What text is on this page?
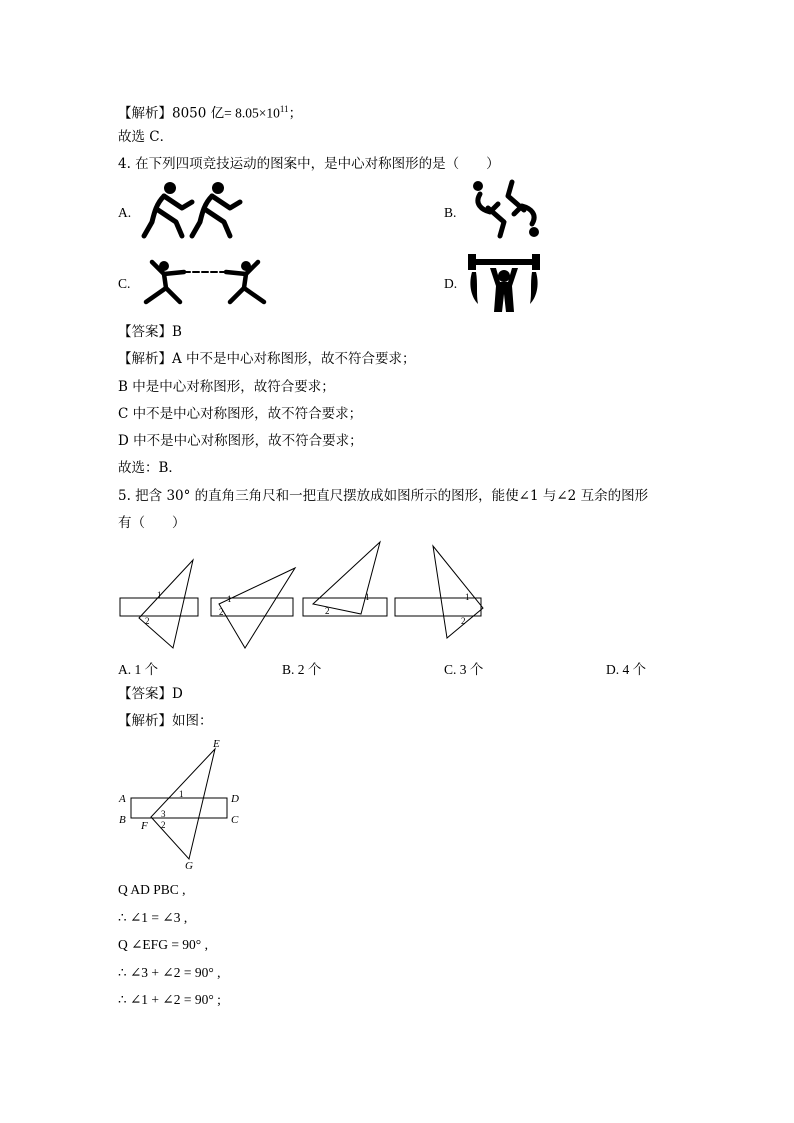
【解析】8050 亿= $8.05\times 10^{11}$；
故选 C．
4. 在下列四项竞技运动的图案中，是中心对称图形的是（　　）
A.	B.
C.	D.
【答案】B
【解析】A 中不是中心对称图形，故不符合要求；
B 中是中心对称图形，故符合要求；
C 中不是中心对称图形，故不符合要求；
D 中不是中心对称图形，故不符合要求；
故选：B．
5. 把含 30° 的直角三角尺和一把直尺摆放成如图所示的图形，能使∠1 与∠2 互余的图形
有（　　）
1
2
1
2
1
2
1
2
A. 1 个	B. 2 个	C. 3 个	D. 4 个
【答案】D
【解析】如图：
A
B
D
C
E
F
G
1
3
2
Q AD PBC ,
∴ ∠1 = ∠3 ,
Q ∠EFG = 90° ,
∴ ∠3 + ∠2 = 90° ,
∴ ∠1 + ∠2 = 90° ;
